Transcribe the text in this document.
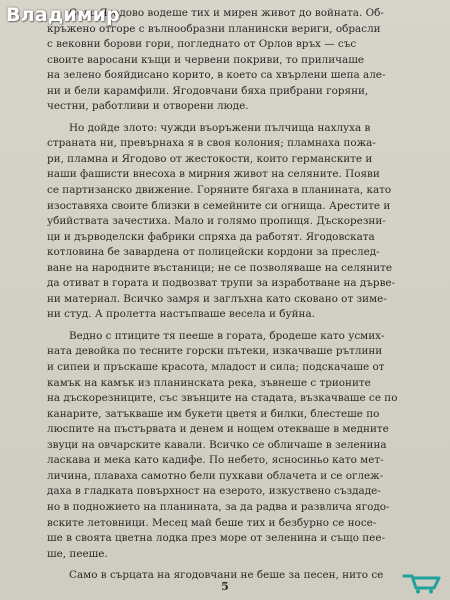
Владимир
Село Ягодово водеше тих и мирен живот до войната. Об-
кръжено отгоре с вълнообразни планински вериги, обрасли
с вековни борови гори, погледнато от Орлов връх — със
своите варосани къщи и червени покриви, то приличаше
на зелено бояйдисано корито, в което са хвърлени шепа але-
ни и бели карамфили. Ягодовчани бяха прибрани горяни,
честни, работливи и отворени люде.
Но дойде злото: чужди въоръжени пълчища нахлуха в
страната ни, превърнаха я в своя колония; пламнаха пожа-
ри, пламна и Ягодово от жестокости, които германските и
наши фашисти внесоха в мирния живот на селяните. Появи
се партизанско движение. Горяните бягаха в планината, като
изоставяха своите близки в семейните си огнища. Арестите и
убийствата зачестиха. Мало и голямо пропищя. Дъскорезни-
ци и дърводелски фабрики спряха да работят. Ягодовската
котловина бе завардена от полицейски кордони за преслед-
ване на народните въстаници; не се позволяваше на селяните
да отиват в гората и подвозват трупи за изработване на дърве-
ни материал. Всичко замря и заглъхна като сковано от зиме-
ни студ. А пролетта настъпваше весела и буйна.
Ведно с птиците тя пееше в гората, бродеше като усмих-
ната девойка по тесните горски пътеки, изкачваше рътлини
и сипеи и пръскаше красота, младост и сила; подскачаше от
камък на камък из планинската река, зъвнеше с трионите
на дъскорезниците, със звънците на стадата, възкачваше се по
канарите, затъкваше им букети цветя и билки, блестеше по
люспите на пъстървата и денем и нощем отекваше в медните
звуци на овчарските кавали. Всичко се обличаше в зеленина
ласкава и мека като кадифе. По небето, ясносиньо като мет-
личина, плаваха самотно бели пухкави облачета и се оглеж-
даха в гладката повърхност на езерото, изкуствено създаде-
но в подножието на планината, за да радва и развлича ягодо-
вските летовници. Месец май беше тих и безбурно се носе-
ше в своята цветна лодка през море от зеленина и също пее-
ше, пееше.
Само в сърцата на ягодовчани не беше за песен, нито се
5
